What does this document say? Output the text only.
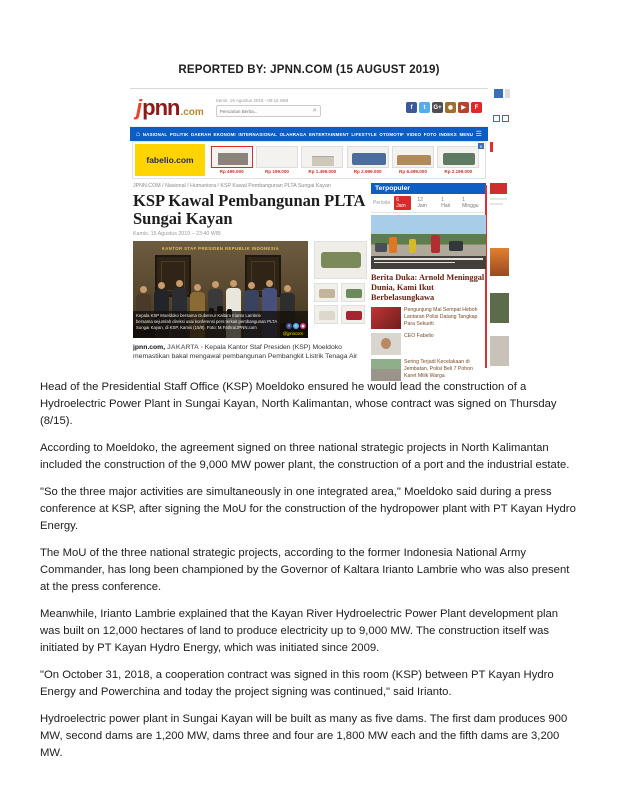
REPORTED BY: JPNN.COM (15 AUGUST 2019)
j pnn .com
Senin, 19 Agustus 2019 - 09:15 WIB
Pencarian Berita...
⌕	f	t	G+	◉	▶	F
⌂ NASIONAL POLITIK DAERAH EKONOMI INTERNASIONAL OLAHRAGA ENTERTAINMENT LIFESTYLE OTOMOTIF VIDEO FOTO INDEKS MENU ☰
fabelio.com
Rp 499.000	Rp 199.000	Rp 1.499.000	Rp 2.999.000	Rp 6.499.000	Rp 2.199.000
✕
JPNN.COM / Nasional / Humaniora / KSP Kawal Pembangunan PLTA Sungai Kayan
KSP Kawal Pembangunan PLTA Sungai Kayan
Kamis, 15 Agustus 2019 – 23:40 WIB
KANTOR STAF PRESIDEN REPUBLIK INDONESIA
Kepala KSP Moeldoko bersama Gubernur Kaltara Irianto Lambrie bersama sejumlah direksi usai konferensi pers terkait pembangunan PLTA Sungai Kayan, di KSP, Kamis (15/8). Foto: M.Fathra/JPNN.com	f	t	◉
@jpnncom
jpnn.com, JAKARTA - Kepala Kantor Staf Presiden (KSP) Moeldoko memastikan bakal mengawal pembangunan Pembangkit Listrik Tenaga Air
Terpopuler
Periode	6 Jam
12 Jam
1 Hari
1 Minggu
Berita Duka: Arnold Meninggal Dunia, Kami Ikut Berbelasungkawa
Pengunjung Mal Sempat Heboh Lantaran Polisi Datang Tangkap Para Sekuriti
CEO Fabelio
Sering Terjadi Kecelakaan di Jembatan, Polisi Beli 7 Pohon Karet Milik Warga

Head of the Presidential Staff Office (KSP) Moeldoko ensured he would lead the construction of a Hydroelectric Power Plant in Sungai Kayan, North Kalimantan, whose contract was signed on Thursday (8/15).

According to Moeldoko, the agreement signed on three national strategic projects in North Kalimantan included the construction of the 9,000 MW power plant, the construction of a port and the industrial estate.

"So the three major activities are simultaneously in one integrated area," Moeldoko said during a press conference at KSP, after signing the MoU for the construction of the hydropower plant with PT Kayan Hydro Energy.

The MoU of the three national strategic projects, according to the former Indonesia National Army Commander, has long been championed by the Governor of Kaltara Irianto Lambrie who was also present at the press conference.

Meanwhile, Irianto Lambrie explained that the Kayan River Hydroelectric Power Plant development plan was built on 12,000 hectares of land to produce electricity up to 9,000 MW. The construction itself was initiated by PT Kayan Hydro Energy, which was initiated since 2009.

"On October 31, 2018, a cooperation contract was signed in this room (KSP) between PT Kayan Hydro Energy and Powerchina and today the project signing was continued," said Irianto.

Hydroelectric power plant in Sungai Kayan will be built as many as five dams. The first dam produces 900 MW, second dams are 1,200 MW, dams three and four are 1,800 MW each and the fifth dams are 3,200 MW.
